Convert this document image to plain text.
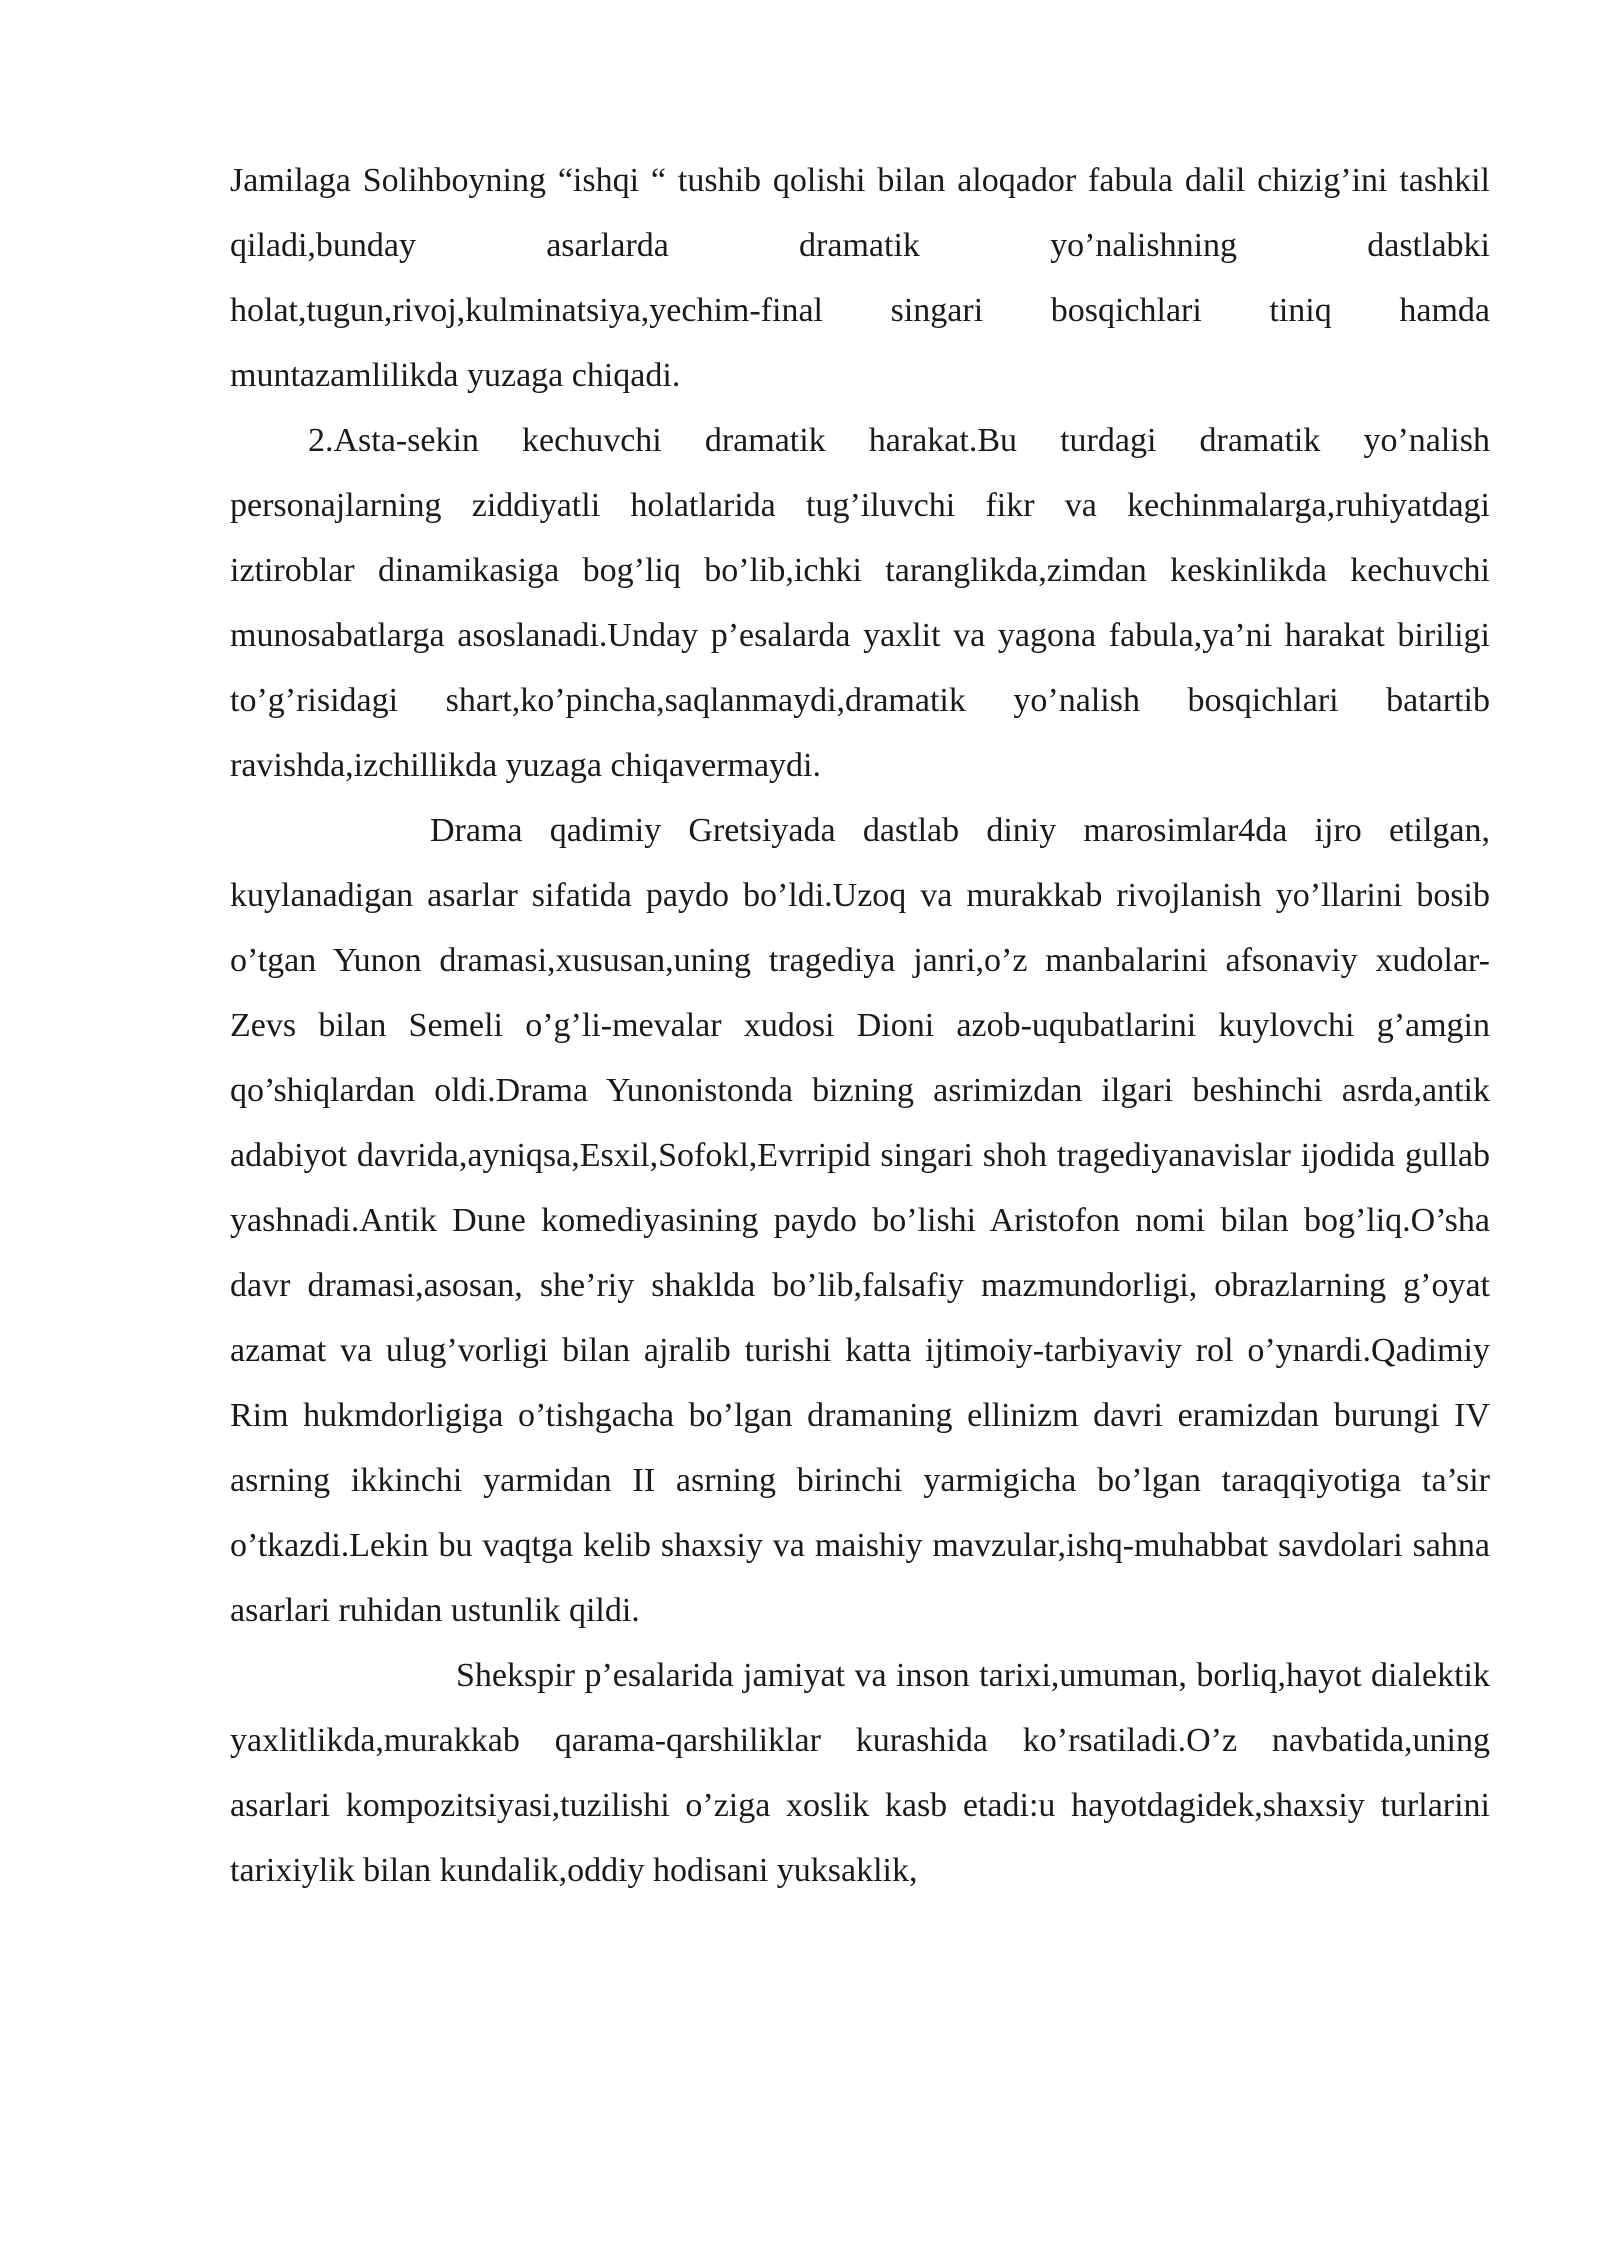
Jamilaga Solihboyning “ishqi “ tushib qolishi bilan aloqador fabula dalil chizig’ini tashkil qiladi,bunday asarlarda dramatik yo’nalishning dastlabki holat,tugun,rivoj,kulminatsiya,yechim-final singari bosqichlari tiniq hamda muntazamlilikda yuzaga chiqadi.

2.Asta-sekin kechuvchi dramatik harakat.Bu turdagi dramatik yo’nalish personajlarning ziddiyatli holatlarida tug’iluvchi fikr va kechinmalarga,ruhiyatdagi iztiroblar dinamikasiga bog’liq bo’lib,ichki taranglikda,zimdan keskinlikda kechuvchi munosabatlarga asoslanadi.Unday p’esalarda yaxlit va yagona fabula,ya’ni harakat biriligi to’g’risidagi shart,ko’pincha,saqlanmaydi,dramatik yo’nalish bosqichlari batartib ravishda,izchillikda yuzaga chiqavermaydi.

Drama qadimiy Gretsiyada dastlab diniy marosimlar4da ijro etilgan, kuylanadigan asarlar sifatida paydo bo’ldi.Uzoq va murakkab rivojlanish yo’llarini bosib o’tgan Yunon dramasi,xususan,uning tragediya janri,o’z manbalarini afsonaviy xudolar-Zevs bilan Semeli o’g’li-mevalar xudosi Dioni azob-uqubatlarini kuylovchi g’amgin qo’shiqlardan oldi.Drama Yunonistonda bizning asrimizdan ilgari beshinchi asrda,antik adabiyot davrida,ayniqsa,Esxil,Sofokl,Evrripid singari shoh tragediyanavislar ijodida gullab yashnadi.Antik Dune komediyasining paydo bo’lishi Aristofon nomi bilan bog’liq.O’sha davr dramasi,asosan, she’riy shaklda bo’lib,falsafiy mazmundorligi, obrazlarning g’oyat azamat va ulug’vorligi bilan ajralib turishi katta ijtimoiy-tarbiyaviy rol o’ynardi.Qadimiy Rim hukmdorligiga o’tishgacha bo’lgan dramaning ellinizm davri eramizdan burungi IV asrning ikkinchi yarmidan II asrning birinchi yarmigicha bo’lgan taraqqiyotiga ta’sir o’tkazdi.Lekin bu vaqtga kelib shaxsiy va maishiy mavzular,ishq-muhabbat savdolari sahna asarlari ruhidan ustunlik qildi.

Shekspir p’esalarida jamiyat va inson tarixi,umuman, borliq,hayot dialektik yaxlitlikda,murakkab qarama-qarshiliklar kurashida ko’rsatiladi.O’z navbatida,uning asarlari kompozitsiyasi,tuzilishi o’ziga xoslik kasb etadi:u hayotdagidek,shaxsiy turlarini tarixiylik bilan kundalik,oddiy hodisani yuksaklik,
